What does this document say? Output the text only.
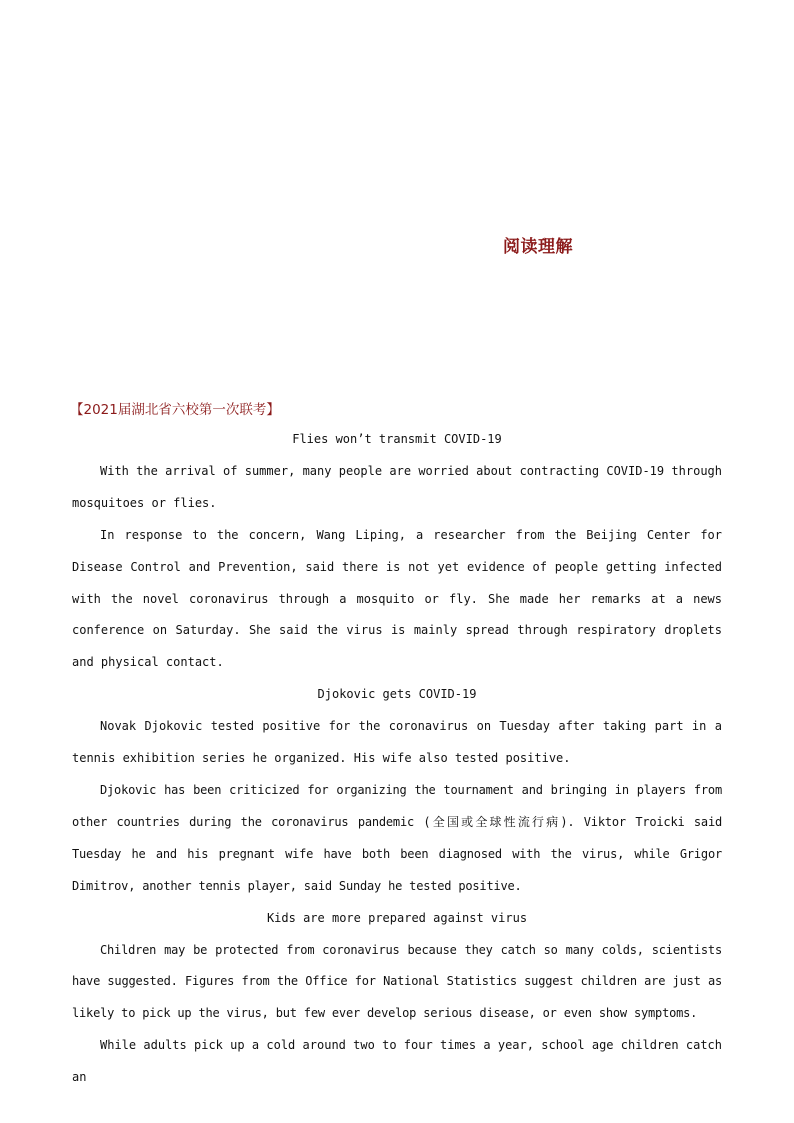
阅读理解
【2021届湖北省六校第一次联考】
Flies won’t transmit COVID-19

With the arrival of summer, many people are worried about contracting COVID-19 through mosquitoes or flies.

In response to the concern, Wang Liping, a researcher from the Beijing Center for Disease Control and Prevention, said there is not yet evidence of people getting infected with the novel coronavirus through a mosquito or fly. She made her remarks at a news conference on Saturday. She said the virus is mainly spread through respiratory droplets and physical contact.

Djokovic gets COVID-19

Novak Djokovic tested positive for the coronavirus on Tuesday after taking part in a tennis exhibition series he organized. His wife also tested positive.

Djokovic has been criticized for organizing the tournament and bringing in players from other countries during the coronavirus pandemic (全国或全球性流行病). Viktor Troicki said Tuesday he and his pregnant wife have both been diagnosed with the virus, while Grigor Dimitrov, another tennis player, said Sunday he tested positive.

Kids are more prepared against virus

Children may be protected from coronavirus because they catch so many colds, scientists have suggested. Figures from the Office for National Statistics suggest children are just as likely to pick up the virus, but few ever develop serious disease, or even show symptoms.

While adults pick up a cold around two to four times a year, school age children catch an
